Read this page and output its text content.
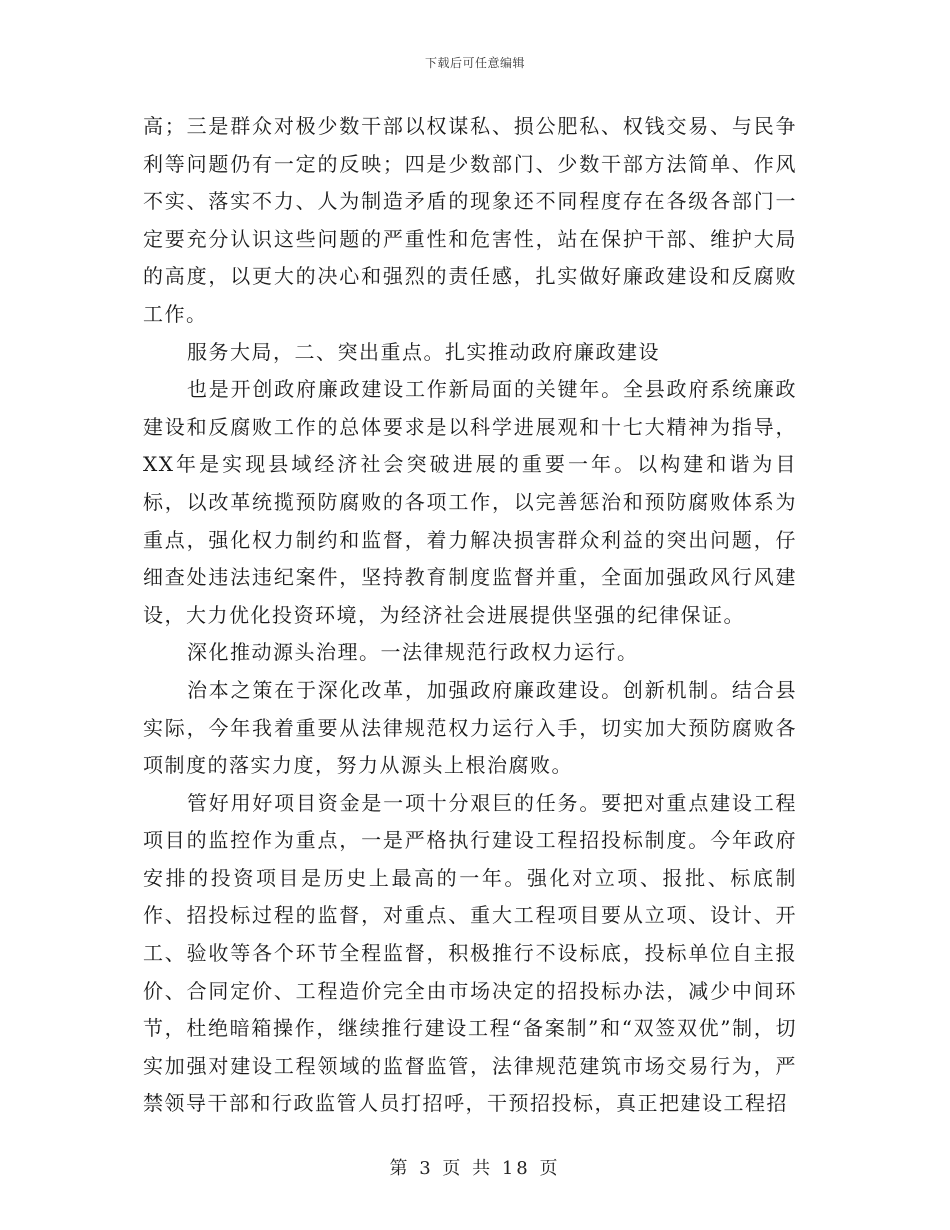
下载后可任意编辑

高；三是群众对极少数干部以权谋私、损公肥私、权钱交易、与民争利等问题仍有一定的反映；四是少数部门、少数干部方法简单、作风不实、落实不力、人为制造矛盾的现象还不同程度存在各级各部门一定要充分认识这些问题的严重性和危害性，站在保护干部、维护大局的高度，以更大的决心和强烈的责任感，扎实做好廉政建设和反腐败工作。

服务大局，二、突出重点。扎实推动政府廉政建设

也是开创政府廉政建设工作新局面的关键年。全县政府系统廉政建设和反腐败工作的总体要求是以科学进展观和十七大精神为指导，XX年是实现县域经济社会突破进展的重要一年。以构建和谐为目标，以改革统揽预防腐败的各项工作，以完善惩治和预防腐败体系为重点，强化权力制约和监督，着力解决损害群众利益的突出问题，仔细查处违法违纪案件，坚持教育制度监督并重，全面加强政风行风建设，大力优化投资环境，为经济社会进展提供坚强的纪律保证。

深化推动源头治理。一法律规范行政权力运行。

治本之策在于深化改革，加强政府廉政建设。创新机制。结合县实际，今年我着重要从法律规范权力运行入手，切实加大预防腐败各项制度的落实力度，努力从源头上根治腐败。

管好用好项目资金是一项十分艰巨的任务。要把对重点建设工程项目的监控作为重点，一是严格执行建设工程招投标制度。今年政府安排的投资项目是历史上最高的一年。强化对立项、报批、标底制作、招投标过程的监督，对重点、重大工程项目要从立项、设计、开工、验收等各个环节全程监督，积极推行不设标底，投标单位自主报价、合同定价、工程造价完全由市场决定的招投标办法，减少中间环节，杜绝暗箱操作，继续推行建设工程“备案制”和“双签双优”制，切实加强对建设工程领域的监督监管，法律规范建筑市场交易行为，严禁领导干部和行政监管人员打招呼，干预招投标，真正把建设工程招

第 3 页 共 18 页
